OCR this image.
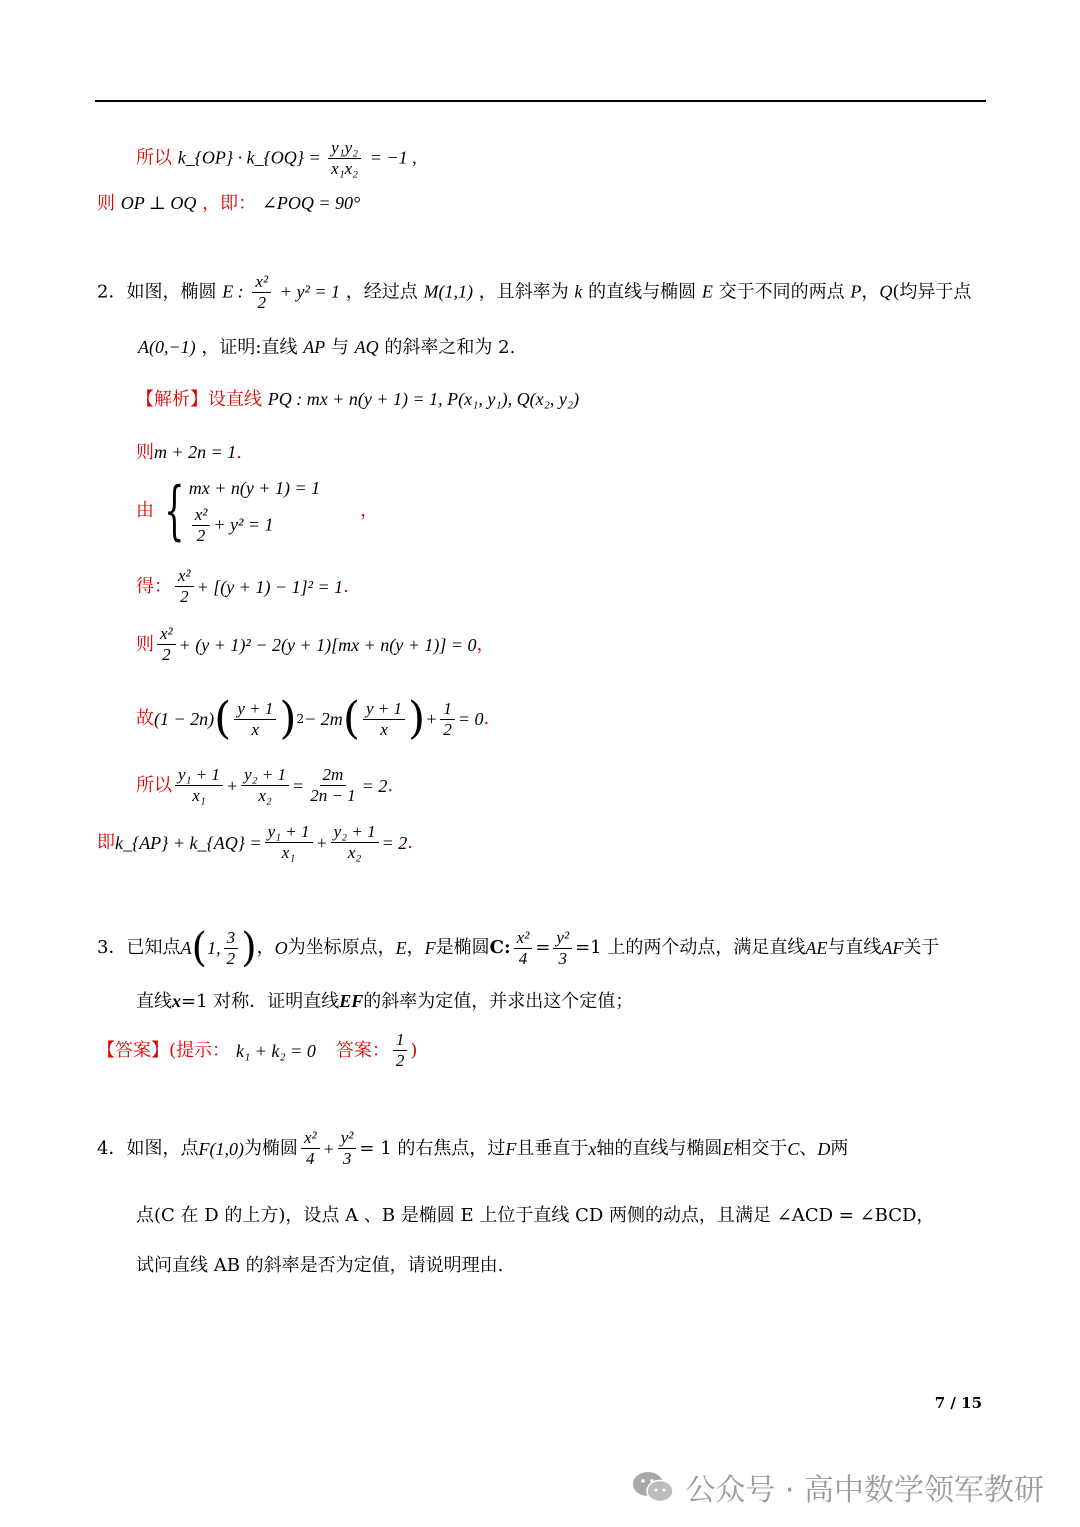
所以 k_{OP} · k_{OQ} = $\frac{\text{y₁y₂}}{\text{x₁x₂}} = -1$ ,
则 OP ⊥ OQ ，即： ∠POQ = 90°
2．如图，椭圆 E : $\frac{\text{x²}}{2} + y^2 = 1$ ，经过点 M(1,1) ，且斜率为 k 的直线与椭圆 E 交于不同的两点 P，Q(均异于点
A(0,−1) ，证明:直线 AP 与 AQ 的斜率之和为 2.
【解析】设直线 PQ : mx + n(y + 1) = 1, P(x₁, y₁), Q(x₂, y₂)
则m + 2n = 1.
由 { mx + n(y + 1) = 1
$\frac{\text{x²}}{2} + y^2 = 1$
，
得： $\frac{\text{x²}}{2} + [(y + 1) - 1]^2 = 1$ .
则 $\frac{\text{x²}}{2} + (y + 1)^2 - 2(y + 1)[mx + n(y + 1)] = 0$ ，
故 (1 − 2n) ( $\frac{y + 1}{x}$ ) 2 − 2m ( $\frac{y + 1}{x}$ ) + $\frac{1}{2} = 0$ .
所以 $\frac{\text{y₁ + 1}}{\text{x₁}} + \frac{\text{y₂ + 1}}{\text{x₂}} = \frac{2m}{2n - 1} = 2$ .
即 k_{AP} + k_{AQ} = $\frac{\text{y₁ + 1}}{\text{x₁}} + \frac{\text{y₂ + 1}}{\text{x₂}} = 2$ .
3．已知点 A ( 1, $\frac{3}{2}$ ) ， O 为坐标原点， E ， F 是椭圆 C: $\frac{\text{x²}}{4} = \frac{\text{y²}}{3} =1$ 上的两个动点，满足直线 AE 与直线 AF 关于
直线x=1 对称．证明直线EF的斜率为定值，并求出这个定值；
【答案】(提示： k₁ + k₂ = 0 答案： $\frac{1}{2}$ )
4．如图，点 F(1,0) 为椭圆 $\frac{\text{x²}}{4} + \frac{\text{y²}}{3} = 1$ 的右焦点，过 F 且垂直于 x 轴的直线与椭圆 E 相交于 C 、 D 两
点(C 在 D 的上方)，设点 A 、B 是椭圆 E 上位于直线 CD 两侧的动点，且满足 ∠ACD = ∠BCD，
试问直线 AB 的斜率是否为定值，请说明理由.
7 / 15
公众号 · 高中数学领军教研
